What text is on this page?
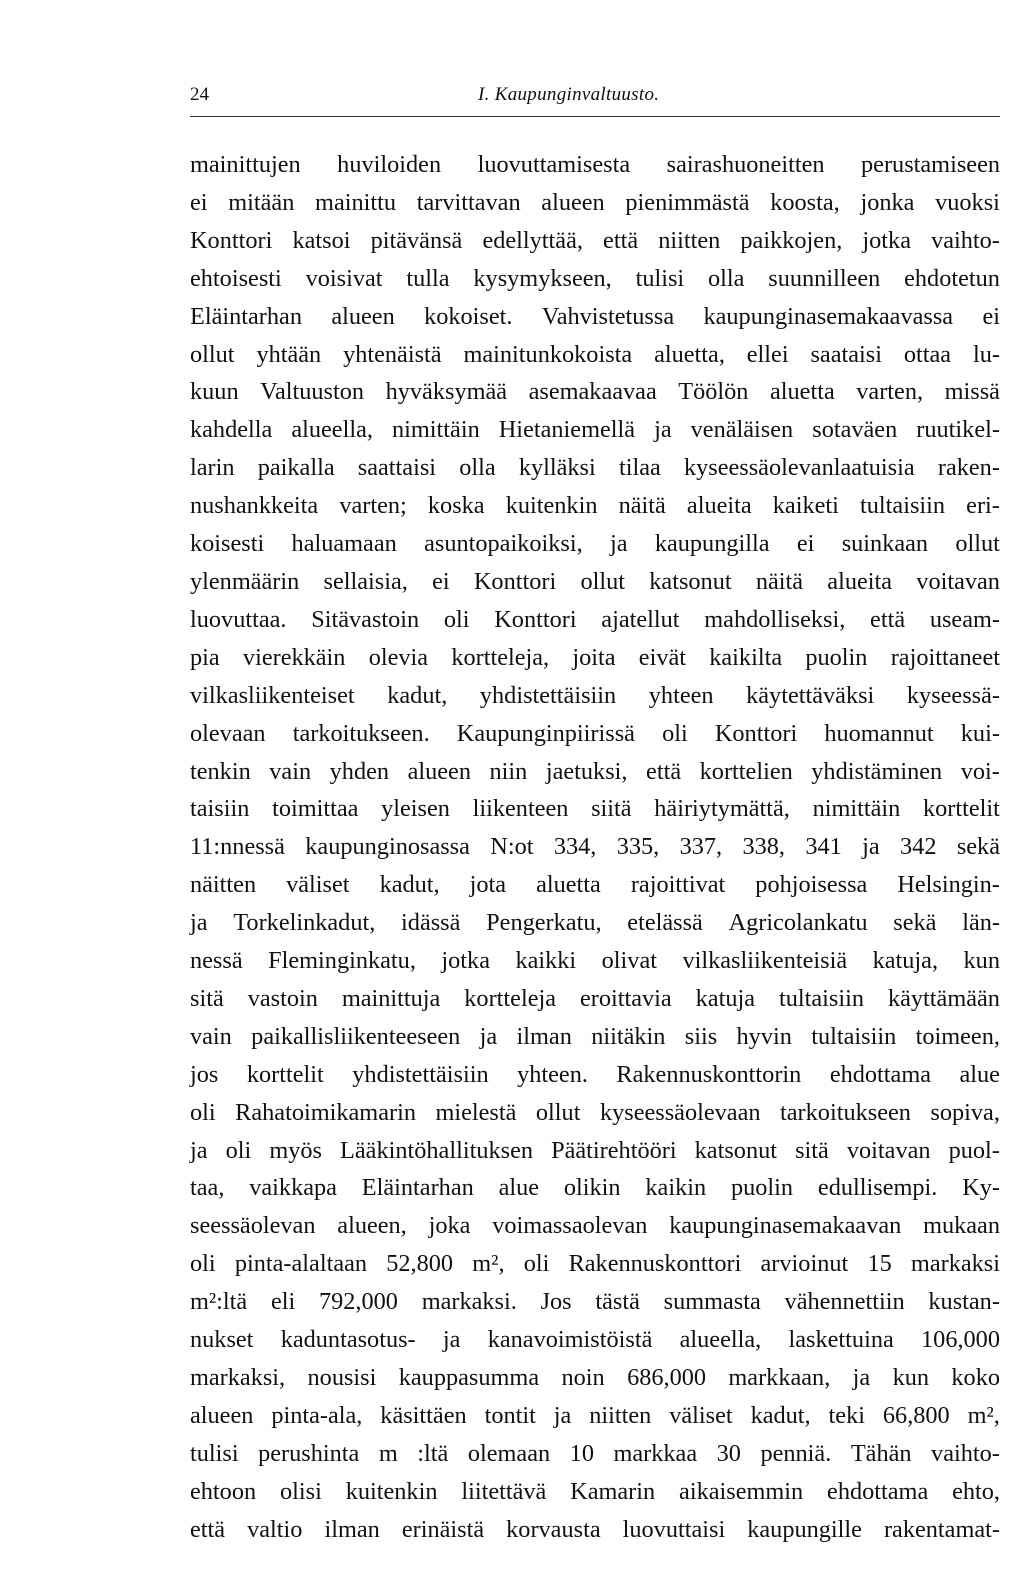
24	I. Kaupunginvaltuusto.
mainittujen huviloiden luovuttamisesta sairashuoneitten perustamiseen
ei mitään mainittu tarvittavan alueen pienimmästä koosta, jonka vuoksi
Konttori katsoi pitävänsä edellyttää, että niitten paikkojen, jotka vaihto-
ehtoisesti voisivat tulla kysymykseen, tulisi olla suunnilleen ehdotetun
Eläintarhan alueen kokoiset. Vahvistetussa kaupunginasemakaavassa ei
ollut yhtään yhtenäistä mainitunkokoista aluetta, ellei saataisi ottaa lu-
kuun Valtuuston hyväksymää asemakaavaa Töölön aluetta varten, missä
kahdella alueella, nimittäin Hietaniemellä ja venäläisen sotaväen ruutikel-
larin paikalla saattaisi olla kylläksi tilaa kyseessäolevanlaatuisia raken-
nushankkeita varten; koska kuitenkin näitä alueita kaiketi tultaisiin eri-
koisesti haluamaan asuntopaikoiksi, ja kaupungilla ei suinkaan ollut
ylenmäärin sellaisia, ei Konttori ollut katsonut näitä alueita voitavan
luovuttaa. Sitävastoin oli Konttori ajatellut mahdolliseksi, että useam-
pia vierekkäin olevia kortteleja, joita eivät kaikilta puolin rajoittaneet
vilkasliikenteiset kadut, yhdistettäisiin yhteen käytettäväksi kyseessä-
olevaan tarkoitukseen. Kaupunginpiirissä oli Konttori huomannut kui-
tenkin vain yhden alueen niin jaetuksi, että korttelien yhdistäminen voi-
taisiin toimittaa yleisen liikenteen siitä häiriytymättä, nimittäin korttelit
11:nnessä kaupunginosassa N:ot 334, 335, 337, 338, 341 ja 342 sekä
näitten väliset kadut, jota aluetta rajoittivat pohjoisessa Helsingin-
ja Torkelinkadut, idässä Pengerkatu, etelässä Agricolankatu sekä län-
nessä Fleminginkatu, jotka kaikki olivat vilkasliikenteisiä katuja, kun
sitä vastoin mainittuja kortteleja eroittavia katuja tultaisiin käyttämään
vain paikallisliikenteeseen ja ilman niitäkin siis hyvin tultaisiin toimeen,
jos korttelit yhdistettäisiin yhteen. Rakennuskonttorin ehdottama alue
oli Rahatoimikamarin mielestä ollut kyseessäolevaan tarkoitukseen sopiva,
ja oli myös Lääkintöhallituksen Päätirehtööri katsonut sitä voitavan puol-
taa, vaikkapa Eläintarhan alue olikin kaikin puolin edullisempi. Ky-
seessäolevan alueen, joka voimassaolevan kaupunginasemakaavan mukaan
oli pinta-alaltaan 52,800 m², oli Rakennuskonttori arvioinut 15 markaksi
m²:ltä eli 792,000 markaksi. Jos tästä summasta vähennettiin kustan-
nukset kaduntasotus- ja kanavoimistöistä alueella, laskettuina 106,000
markaksi, nousisi kauppasumma noin 686,000 markkaan, ja kun koko
alueen pinta-ala, käsittäen tontit ja niitten väliset kadut, teki 66,800 m²,
tulisi perushinta m :ltä olemaan 10 markkaa 30 penniä. Tähän vaihto-
ehtoon olisi kuitenkin liitettävä Kamarin aikaisemmin ehdottama ehto,
että valtio ilman erinäistä korvausta luovuttaisi kaupungille rakentamat-
